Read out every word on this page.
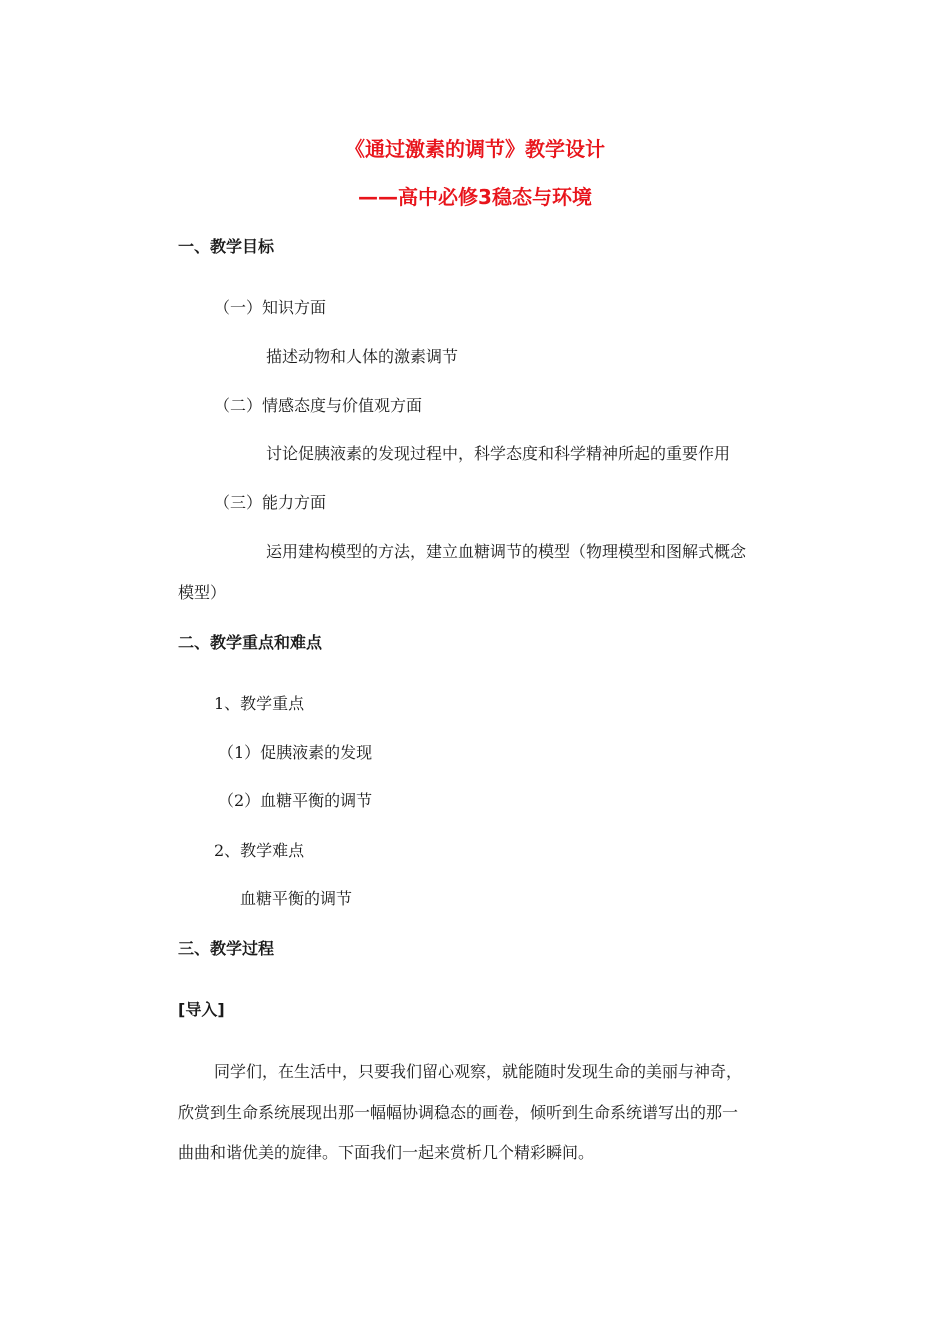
《通过激素的调节》教学设计
——高中必修3稳态与环境
一、教学目标
（一）知识方面
描述动物和人体的激素调节
（二）情感态度与价值观方面
讨论促胰液素的发现过程中，科学态度和科学精神所起的重要作用
（三）能力方面
运用建构模型的方法，建立血糖调节的模型（物理模型和图解式概念
模型）
二、教学重点和难点
1、教学重点
（1）促胰液素的发现
（2）血糖平衡的调节
2、教学难点
血糖平衡的调节
三、教学过程
[导入]
同学们，在生活中，只要我们留心观察，就能随时发现生命的美丽与神奇，
欣赏到生命系统展现出那一幅幅协调稳态的画卷，倾听到生命系统谱写出的那一
曲曲和谐优美的旋律。下面我们一起来赏析几个精彩瞬间。
